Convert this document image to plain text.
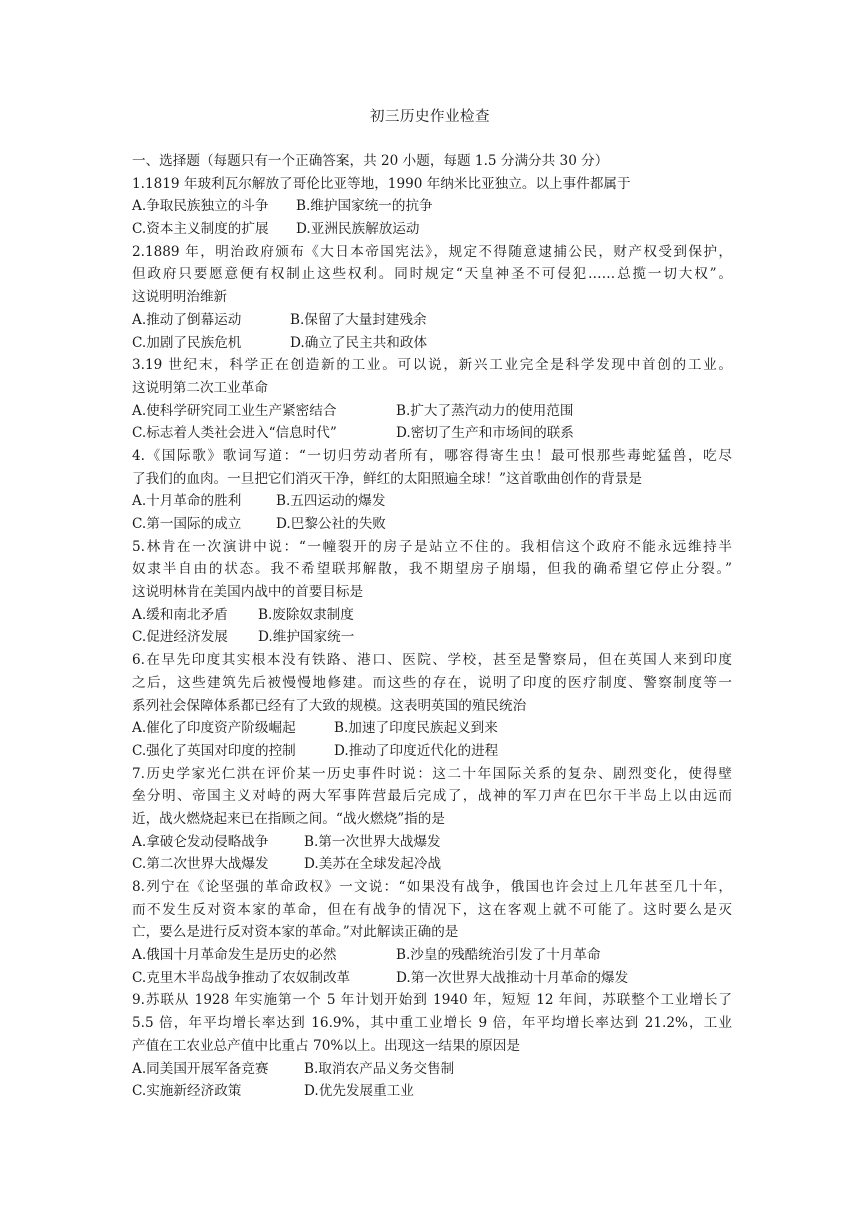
初三历史作业检查
一、选择题（每题只有一个正确答案，共 20 小题，每题 1.5 分满分共 30 分）
1.1819 年玻利瓦尔解放了哥伦比亚等地，1990 年纳米比亚独立。以上事件都属于
A.争取民族独立的斗争 B.维护国家统一的抗争
C.资本主义制度的扩展 D.亚洲民族解放运动
2.1889 年，明治政府颁布《大日本帝国宪法》，规定不得随意逮捕公民，财产权受到保护，
但政府只要愿意便有权制止这些权利。同时规定“天皇神圣不可侵犯……总揽一切大权”。
这说明明治维新
A.推动了倒幕运动	B.保留了大量封建残余
C.加剧了民族危机	D.确立了民主共和政体
3.19 世纪末，科学正在创造新的工业。可以说，新兴工业完全是科学发现中首创的工业。
这说明第二次工业革命
A.使科学研究同工业生产紧密结合	B.扩大了蒸汽动力的使用范围
C.标志着人类社会进入“信息时代”	D.密切了生产和市场间的联系
4.《国际歌》歌词写道：“一切归劳动者所有，哪容得寄生虫！最可恨那些毒蛇猛兽，吃尽
了我们的血肉。一旦把它们消灭干净，鲜红的太阳照遍全球！”这首歌曲创作的背景是
A.十月革命的胜利	B.五四运动的爆发
C.第一国际的成立	D.巴黎公社的失败
5.林肯在一次演讲中说：“一幢裂开的房子是站立不住的。我相信这个政府不能永远维持半
奴隶半自由的状态。我不希望联邦解散，我不期望房子崩塌，但我的确希望它停止分裂。”
这说明林肯在美国内战中的首要目标是
A.缓和南北矛盾 B.废除奴隶制度
C.促进经济发展 D.维护国家统一
6.在早先印度其实根本没有铁路、港口、医院、学校，甚至是警察局，但在英国人来到印度
之后，这些建筑先后被慢慢地修建。而这些的存在，说明了印度的医疗制度、警察制度等一
系列社会保障体系都已经有了大致的规模。这表明英国的殖民统治
A.催化了印度资产阶级崛起	B.加速了印度民族起义到来
C.强化了英国对印度的控制	D.推动了印度近代化的进程
7.历史学家光仁洪在评价某一历史事件时说：这二十年国际关系的复杂、剧烈变化，使得壁
垒分明、帝国主义对峙的两大军事阵营最后完成了，战神的军刀声在巴尔干半岛上以由远而
近，战火燃烧起来已在指顾之间。“战火燃烧”指的是
A.拿破仑发动侵略战争	B.第一次世界大战爆发
C.第二次世界大战爆发	D.美苏在全球发起冷战
8.列宁在《论坚强的革命政权》一文说：“如果没有战争，俄国也许会过上几年甚至几十年，
而不发生反对资本家的革命，但在有战争的情况下，这在客观上就不可能了。这时要么是灭
亡，要么是进行反对资本家的革命。”对此解读正确的是
A.俄国十月革命发生是历史的必然	B.沙皇的残酷统治引发了十月革命
C.克里木半岛战争推动了农奴制改革	D.第一次世界大战推动十月革命的爆发
9.苏联从 1928 年实施第一个 5 年计划开始到 1940 年，短短 12 年间，苏联整个工业增长了
5.5 倍，年平均增长率达到 16.9%，其中重工业增长 9 倍，年平均增长率达到 21.2%，工业
产值在工农业总产值中比重占 70%以上。出现这一结果的原因是
A.同美国开展军备竞赛	B.取消农产品义务交售制
C.实施新经济政策	D.优先发展重工业
